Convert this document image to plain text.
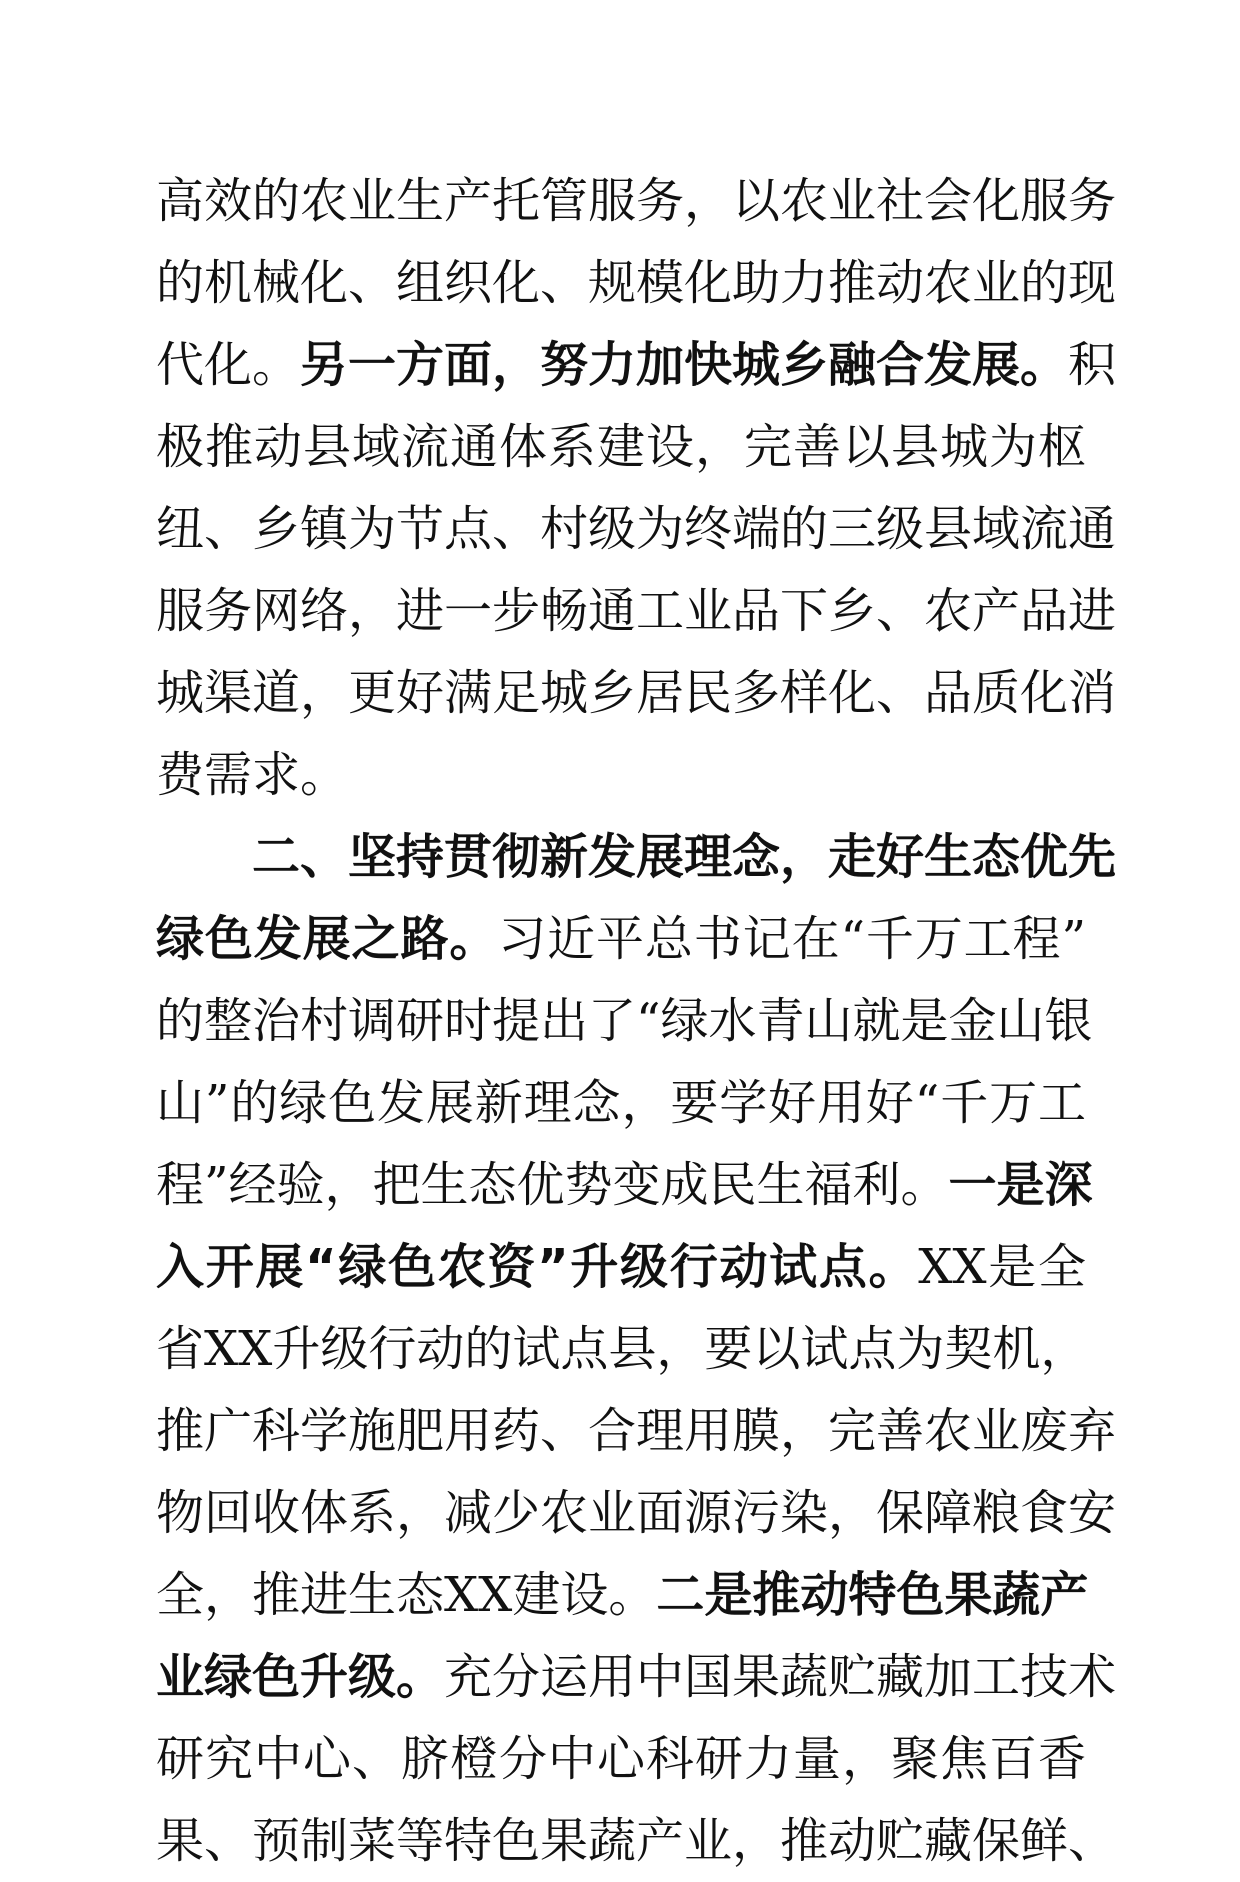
高效的农业生产托管服务，以农业社会化服务
的机械化、组织化、规模化助力推动农业的现
代化。另一方面，努力加快城乡融合发展。积
极推动县域流通体系建设，完善以县城为枢
纽、乡镇为节点、村级为终端的三级县域流通
服务网络，进一步畅通工业品下乡、农产品进
城渠道，更好满足城乡居民多样化、品质化消
费需求。
二、坚持贯彻新发展理念，走好生态优先
绿色发展之路。习近平总书记在“千万工程”
的整治村调研时提出了“绿水青山就是金山银
山”的绿色发展新理念，要学好用好“千万工
程”经验，把生态优势变成民生福利。一是深
入开展“绿色农资”升级行动试点。XX是全
省XX升级行动的试点县，要以试点为契机，
推广科学施肥用药、合理用膜，完善农业废弃
物回收体系，减少农业面源污染，保障粮食安
全，推进生态XX建设。二是推动特色果蔬产
业绿色升级。充分运用中国果蔬贮藏加工技术
研究中心、脐橙分中心科研力量，聚焦百香
果、预制菜等特色果蔬产业，推动贮藏保鲜、
